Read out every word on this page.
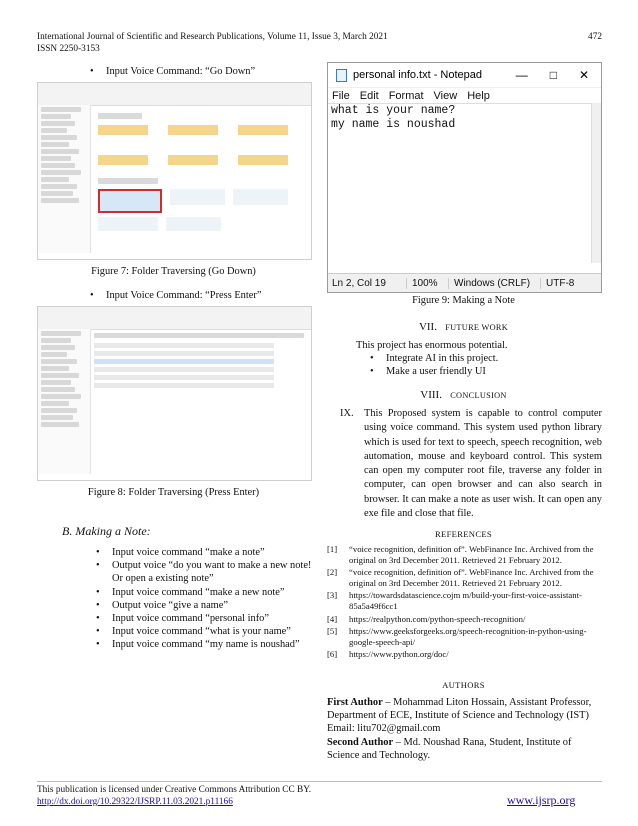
International Journal of Scientific and Research Publications, Volume 11, Issue 3, March 2021	472
ISSN 2250-3153
• Input Voice Command: “Go Down”
Figure 7: Folder Traversing (Go Down)
• Input Voice Command: “Press Enter”
Figure 8: Folder Traversing (Press Enter)
B. Making a Note:
• Input voice command “make a note”
• Output voice “do you want to make a new note! Or open a existing note”
• Input voice command “make a new note”
• Output voice “give a name”
• Input voice command “personal info”
• Input voice command “what is your name”
• Input voice command “my name is noushad”
personal info.txt - Notepad	— □ ✕
File Edit Format View Help
what is your name?
my name is noushad
Ln 2, Col 19	100%	Windows (CRLF)	UTF-8
Figure 9: Making a Note
VII. FUTURE WORK
This project has enormous potential.
• Integrate AI in this project.
• Make a user friendly UI
VIII. CONCLUSION
IX.	This Proposed system is capable to control computer using voice command. This system used python library which is used for text to speech, speech recognition, web automation, mouse and keyboard control. This system can open my computer root file, traverse any folder in computer, can open browser and can also search in browser. It can make a note as user wish. It can open any exe file and close that file.
REFERENCES
[1]	“voice recognition, definition of”. WebFinance Inc. Archived from the original on 3rd December 2011. Retrieved 21 February 2012.
[2]	“voice recognition, definition of”. WebFinance Inc. Archived from the original on 3rd December 2011. Retrieved 21 February 2012.
[3]	https://towardsdatascience.cojm m/build-your-first-voice-assistant-85a5a49f6cc1
[4]	https://realpython.com/python-speech-recognition/
[5]	https://www.geeksforgeeks.org/speech-recognition-in-python-using-google-speech-api/
[6]	https://www.python.org/doc/
AUTHORS
First Author – Mohammad Liton Hossain, Assistant Professor, Department of ECE, Institute of Science and Technology (IST)
Email: litu702@gmail.com
Second Author – Md. Noushad Rana, Student, Institute of Science and Technology.
This publication is licensed under Creative Commons Attribution CC BY.
http://dx.doi.org/10.29322/IJSRP.11.03.2021.p11166	www.ijsrp.org
